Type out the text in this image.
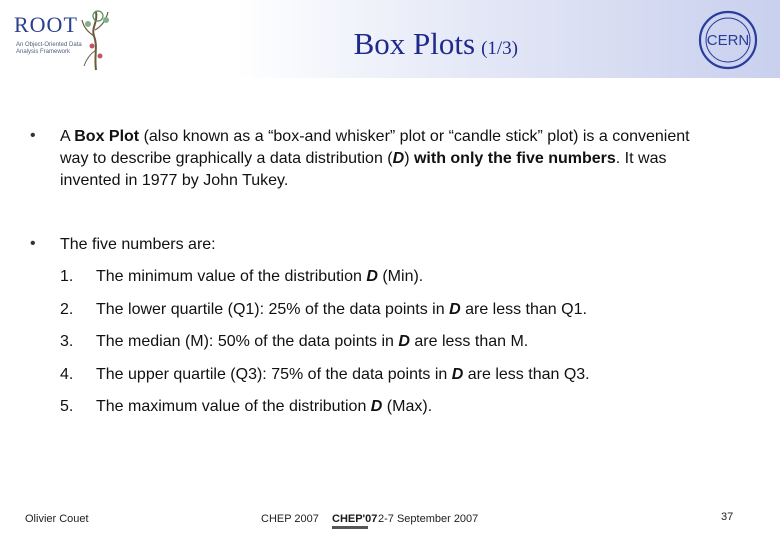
ROOT
An Object-Oriented Data Analysis Framework	Box Plots (1/3)	CERN
• A Box Plot (also known as a “box-and whisker” plot or “candle stick” plot) is a convenient way to describe graphically a data distribution (D) with only the five numbers. It was invented in 1977 by John Tukey.
• The five numbers are:
1. The minimum value of the distribution D (Min).
2. The lower quartile (Q1): 25% of the data points in D are less than Q1.
3. The median (M): 50% of the data points in D are less than M.
4. The upper quartile (Q3): 75% of the data points in D are less than Q3.
5. The maximum value of the distribution D (Max).
Olivier Couet	CHEP 2007 CHEP'07 2-7 September 2007	37
